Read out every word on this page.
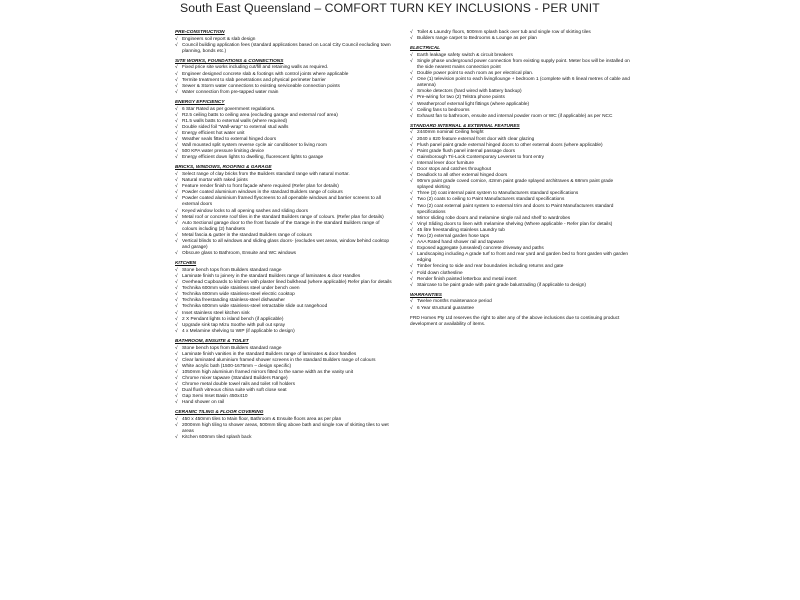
South East Queensland – COMFORT TURN KEY INCLUSIONS - PER UNIT
PRE-CONSTRUCTION
√ Engineers soil report & slab design
√ Council building application fees (standard applications based on Local City Council excluding town planning, bonds etc.)
SITE WORKS, FOUNDATIONS & CONNECTIONS
√ Fixed price site works including cut/fill and retaining walls as required.
√ Engineer designed concrete slab & footings with control joints where applicable
√ Termite treatment to slab penetrations and physical perimeter barrier
√ Sewer & Storm water connections to existing serviceable connection points
√ Water connection from pre-tapped water main
ENERGY EFFICIENCY
√ 6 Star Rated as per government regulations.
√ R2.5 ceiling batts to ceiling area (excluding garage and external roof area)
√ R1.5 walls batts to external walls (where required)
√ Double sided foil "Wall-wrap" to external stud walls
√ Energy efficient hot water unit
√ Weather seals fitted to external hinged doors
√ Wall mounted split system reverse cycle air conditioner to living room
√ 500 KPA water pressure limiting device
√ Energy efficient down lights to dwelling, fluorescent lights to garage
BRICKS, WINDOWS, ROOFING & GARAGE
√ Select range of clay bricks from the Builders standard range with natural mortar.
√ Natural mortar with raked joints
√ Feature render finish to front façade where required (Refer plan for details)
√ Powder coated aluminium windows in the standard Builders range of colours
√ Powder coated aluminium framed flyscreens to all openable windows and barrier screens to all external doors
√ Keyed window locks to all opening sashes and sliding doors
√ Metal roof or concrete roof tiles in the standard Builders range of colours. (Refer plan for details)
√ Auto Sectional garage door to the front facade of the Garage in the standard Builders range of colours including (2) handsets
√ Metal fascia & gutter in the standard Builders range of colours
√ Vertical blinds to all windows and sliding glass doors- (excludes wet areas, window behind cooktop and garage)
√ Obscure glass to Bathroom, Ensuite and WC windows
KITCHEN
√ Stone bench tops from Builders standard range
√ Laminate finish to joinery in the standard Builders range of laminates & door Handles
√ Overhead Cupboards to kitchen with plaster lined bulkhead (where applicable) Refer plan for details
√ Technika 600mm wide stainless steel under bench oven
√ Technika 600mm wide stainless-steel electric cooktop
√ Technika freestanding stainless-steel dishwasher
√ Technika 600mm wide stainless-steel retractable slide out rangehood
√ Inset stainless steel kitchen sink
√ 2 X Pendant lights to island bench (if applicable)
√ Upgrade sink tap Mizu Soothe with pull out spray
√ 4 x Melamine shelving to WIP (if applicable to design)
BATHROOM, ENSUITE & TOILET
√ Stone bench tops from Builders standard range
√ Laminate finish vanities in the standard Builders range of laminates & door handles
√ Clear laminated aluminium framed shower screens in the standard Builders range of colours
√ White acrylic bath (1500-1675mm – design specific)
√ 1050mm high aluminium framed mirrors fitted to the same width as the vanity unit
√ Chrome mixer tapware (Standard Builders Range)
√ Chrome metal double towel rails and toilet roll holders
√ Dual flush vitreous china suite with soft close seat
√ Gap Semi Inset Basin 450x410
√ Hand shower on rail
CERAMIC TILING & FLOOR COVERING
√ 450 x 450mm tiles to Main floor, Bathroom & Ensuite floors area as per plan
√ 2000mm high tiling to shower areas, 500mm tiling above bath and single row of skirting tiles to wet areas
√ Kitchen 600mm tiled splash back
√ Toilet & Laundry floors, 500mm splash back over tub and single row of skirting tiles
√ Builders range carpet to Bedrooms & Lounge as per plan
ELECTRICAL
√ Earth leakage safety switch & circuit breakers
√ Single phase underground power connection from existing supply point. Meter box will be installed on the side nearest mains connection point
√ Double power point to each room as per electrical plan.
√ One (1) television point to each living/lounge + bedroom 1 (complete with 6 lineal metres of cable and antenna)
√ Smoke detectors (hard wired with battery backup)
√ Pre-wiring for two (2) Telstra phone points
√ Weatherproof external light fittings (where applicable)
√ Ceiling fans to bedrooms
√ Exhaust fan to bathroom, ensuite and internal powder room or WC (if applicable) as per NCC
STANDARD INTERNAL & EXTERNAL FEATURES
√ 2440mm nominal Ceiling height
√ 2040 x 820 feature external front door with clear glazing
√ Flush panel paint grade external hinged doors to other external doors (where applicable)
√ Paint grade flush panel internal passage doors
√ Gainsborough Tri-Lock Contemporary Leverset to front entry
√ Internal lever door furniture
√ Door stops and catches throughout
√ Deadlock to all other external hinged doors
√ 90mm paint grade coved cornice, 42mm paint grade splayed architraves & 68mm paint grade splayed skirting
√ Three (3) coat internal paint system to Manufacturers standard specifications
√ Two (2) coats to ceiling to Paint Manufacturers standard specifications
√ Two (2) coat external paint system to external trim and doors to Paint Manufacturers standard specifications
√ Mirror sliding robe doors and melamine single rail and shelf to wardrobes
√ Vinyl Sliding doors to linen with melamine shelving (Where applicable - Refer plan for details)
√ 45 litre freestanding stainless Laundry tub
√ Two (2) external garden hose taps
√ AAA Rated hand shower rail and tapware
√ Exposed aggregate (unsealed) concrete driveway and paths
√ Landscaping including A grade turf to front and rear yard and garden bed to front garden with garden edging
√ Timber fencing to side and rear boundaries including returns and gate
√ Fold down clothesline
√ Render finish painted letterbox and metal insert
√ Staircase to be paint grade with paint grade balustrading (if applicable to design)
WARRANTIES
√ Twelve months maintenance period
√ 6 Year structural guarantee
FRD Homes Pty Ltd reserves the right to alter any of the above inclusions due to continuing product development or availability of items.
